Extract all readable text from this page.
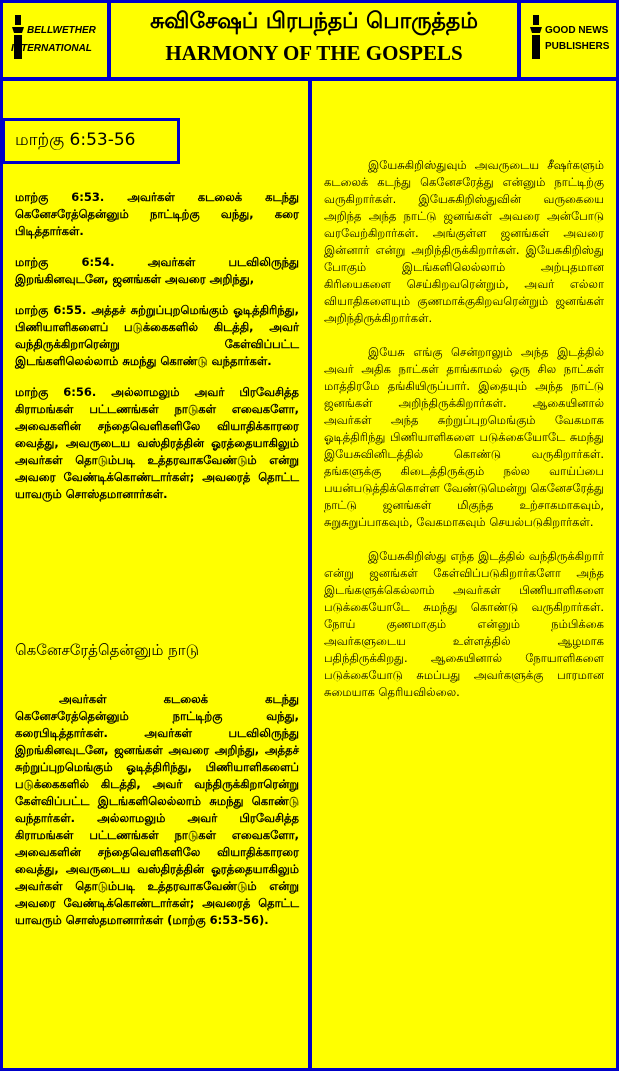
BELLWETHER
INTERNATIONAL
சுவிசேஷப் பிரபந்தப் பொருத்தம்
HARMONY OF THE GOSPELS
GOOD NEWS
PUBLISHERS
மாற்கு 6:53-56

மாற்கு 6:53. அவர்கள் கடலைக் கடந்து கெனேசரேத்தென்னும் நாட்டிற்கு வந்து, கரை பிடித்தார்கள்.

மாற்கு 6:54. அவர்கள் படவிலிருந்து இறங்கினவுடனே, ஜனங்கள் அவரை அறிந்து,

மாற்கு 6:55. அத்தச் சுற்றுப்புறமெங்கும் ஓடித்திரிந்து, பிணியாளிகளைப் படுக்கைகளில் கிடத்தி, அவர் வந்திருக்கிறாரென்று கேள்விப்பட்ட இடங்களிலெல்லாம் சுமந்து கொண்டு வந்தார்கள்.

மாற்கு 6:56. அல்லாமலும் அவர் பிரவேசித்த கிராமங்கள் பட்டணங்கள் நாடுகள் எவைகளோ, அவைகளின் சந்தைவெளிகளிலே வியாதிக்காரரை வைத்து, அவருடைய வஸ்திரத்தின் ஓரத்தையாகிலும் அவர்கள் தொடும்படி உத்தரவாகவேண்டும் என்று அவரை வேண்டிக்கொண்டார்கள்; அவரைத் தொட்ட யாவரும் சொஸ்தமானார்கள்.

கெனேசரேத்தென்னும் நாடு

அவர்கள் கடலைக் கடந்து கெனேசரேத்தென்னும் நாட்டிற்கு வந்து, கரைபிடித்தார்கள். அவர்கள் படவிலிருந்து இறங்கினவுடனே, ஜனங்கள் அவரை அறிந்து, அத்தச் சுற்றுப்புறமெங்கும் ஓடித்திரிந்து, பிணியாளிகளைப் படுக்கைகளில் கிடத்தி, அவர் வந்திருக்கிறாரென்று கேள்விப்பட்ட இடங்களிலெல்லாம் சுமந்து கொண்டு வந்தார்கள். அல்லாமலும் அவர் பிரவேசித்த கிராமங்கள் பட்டணங்கள் நாடுகள் எவைகளோ, அவைகளின் சந்தைவெளிகளிலே வியாதிக்காரரை வைத்து, அவருடைய வஸ்திரத்தின் ஓரத்தையாகிலும் அவர்கள் தொடும்படி உத்தரவாகவேண்டும் என்று அவரை வேண்டிக்கொண்டார்கள்; அவரைத் தொட்ட யாவரும் சொஸ்தமானார்கள் (மாற்கு 6:53-56).

இயேசுகிறிஸ்துவும் அவருடைய சீஷர்களும் கடலைக் கடந்து கெனேசரேத்து என்னும் நாட்டிற்கு வருகிறார்கள். இயேசுகிறிஸ்துவின் வருகையை அறிந்த அந்த நாட்டு ஜனங்கள் அவரை அன்போடு வரவேற்கிறார்கள். அங்குள்ள ஜனங்கள் அவரை இன்னார் என்று அறிந்திருக்கிறார்கள். இயேசுகிறிஸ்து போகும் இடங்களிலெல்லாம் அற்புதமான கிரியைகளை செய்கிறவரென்றும், அவர் எல்லா வியாதிகளையும் குணமாக்குகிறவரென்றும் ஜனங்கள் அறிந்திருக்கிறார்கள்.

இயேசு எங்கு சென்றாலும் அந்த இடத்தில் அவர் அதிக நாட்கள் தாங்காமல் ஒரு சில நாட்கள் மாத்திரமே தங்கியிருப்பார். இதையும் அந்த நாட்டு ஜனங்கள் அறிந்திருக்கிறார்கள். ஆகையினால் அவர்கள் அந்த சுற்றுப்புறமெங்கும் வேகமாக ஓடித்திரிந்து பிணியாளிகளை படுக்கையோடே சுமந்து இயேசுவினிடத்தில் கொண்டு வருகிறார்கள். தங்களுக்கு கிடைத்திருக்கும் நல்ல வாய்ப்பை பயன்படுத்திக்கொள்ள வேண்டுமென்று கெனேசரேத்து நாட்டு ஜனங்கள் மிகுந்த உற்சாகமாகவும், சுறுசுறுப்பாகவும், வேகமாகவும் செயல்படுகிறார்கள்.

இயேசுகிறிஸ்து எந்த இடத்தில் வந்திருக்கிறார் என்று ஜனங்கள் கேள்விப்படுகிறார்களோ அந்த இடங்களுக்கெல்லாம் அவர்கள் பிணியாளிகளை படுக்கையோடே சுமந்து கொண்டு வருகிறார்கள். நோய் குணமாகும் என்னும் நம்பிக்கை அவர்களுடைய உள்ளத்தில் ஆழமாக பதிந்திருக்கிறது. ஆகையினால் நோயாளிகளை படுக்கையோடு சுமப்பது அவர்களுக்கு பாரமான சுமையாக தெரியவில்லை.
